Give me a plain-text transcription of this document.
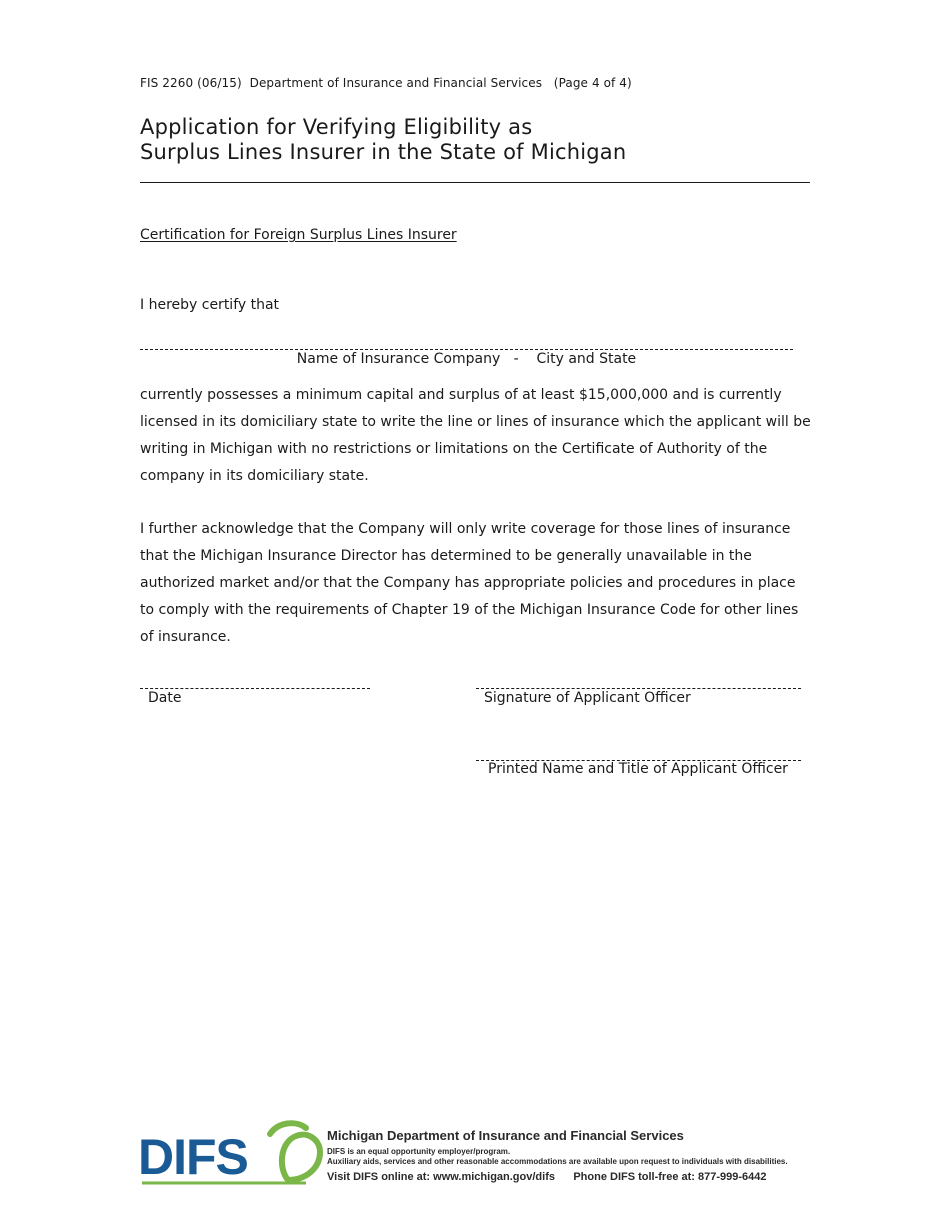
FIS 2260 (06/15)  Department of Insurance and Financial Services   (Page 4 of 4)
Application for Verifying Eligibility as
Surplus Lines Insurer in the State of Michigan
Certification for Foreign Surplus Lines Insurer
I hereby certify that
Name of Insurance Company   -    City and State

currently possesses a minimum capital and surplus of at least $15,000,000 and is currently licensed in its domiciliary state to write the line or lines of insurance which the applicant will be writing in Michigan with no restrictions or limitations on the Certificate of Authority of the company in its domiciliary state.

I further acknowledge that the Company will only write coverage for those lines of insurance that the Michigan Insurance Director has determined to be generally unavailable in the authorized market and/or that the Company has appropriate policies and procedures in place to comply with the requirements of Chapter 19 of the Michigan Insurance Code for other lines of insurance.

Date	Signature of Applicant Officer
Printed Name and Title of Applicant Officer
DIFS	Michigan Department of Insurance and Financial Services
DIFS is an equal opportunity employer/program.
Auxiliary aids, services and other reasonable accommodations are available upon request to individuals with disabilities.
Visit DIFS online at: www.michigan.gov/difs Phone DIFS toll-free at: 877-999-6442
